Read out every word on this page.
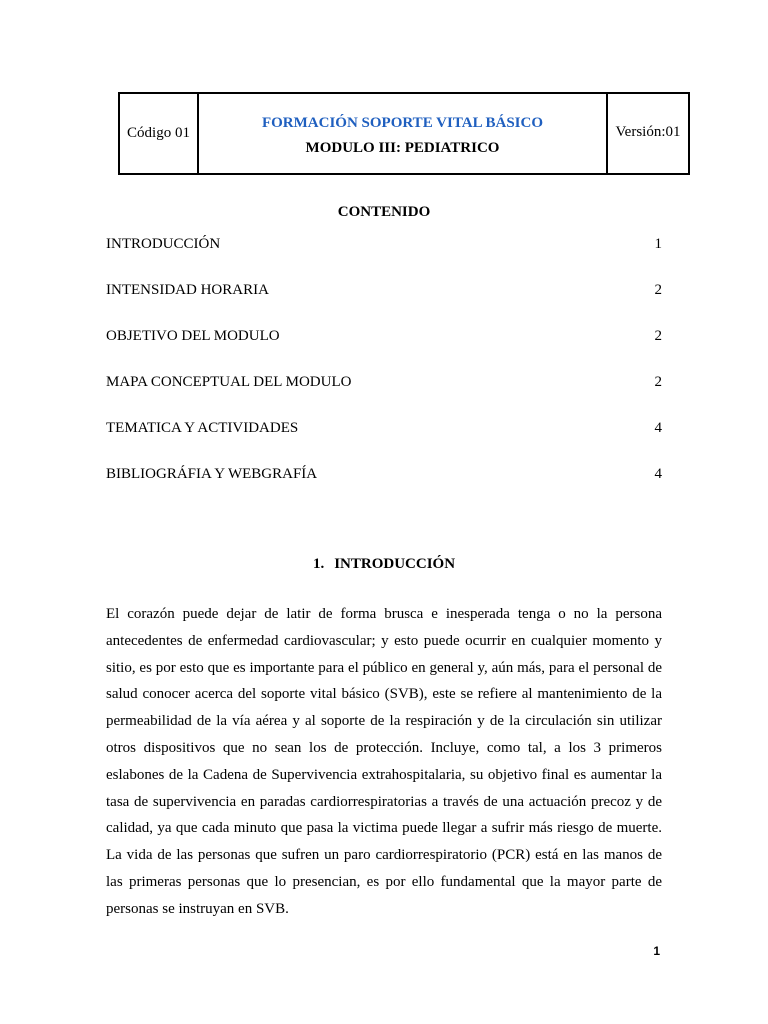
Código 01
FORMACIÓN SOPORTE VITAL BÁSICO
MODULO III: PEDIATRICO
Versión:01
CONTENIDO
INTRODUCCIÓN	1
INTENSIDAD HORARIA	2
OBJETIVO DEL MODULO	2
MAPA CONCEPTUAL DEL MODULO	2
TEMATICA Y ACTIVIDADES	4
BIBLIOGRÁFIA Y WEBGRAFÍA	4
1. INTRODUCCIÓN

El corazón puede dejar de latir de forma brusca e inesperada tenga o no la persona antecedentes de enfermedad cardiovascular; y esto puede ocurrir en cualquier momento y sitio, es por esto que es importante para el público en general y, aún más, para el personal de salud conocer acerca del soporte vital básico (SVB), este se refiere al mantenimiento de la permeabilidad de la vía aérea y al soporte de la respiración y de la circulación sin utilizar otros dispositivos que no sean los de protección. Incluye, como tal, a los 3 primeros eslabones de la Cadena de Supervivencia extrahospitalaria, su objetivo final es aumentar la tasa de supervivencia en paradas cardiorrespiratorias a través de una actuación precoz y de calidad, ya que cada minuto que pasa la victima puede llegar a sufrir más riesgo de muerte. La vida de las personas que sufren un paro cardiorrespiratorio (PCR) está en las manos de las primeras personas que lo presencian, es por ello fundamental que la mayor parte de personas se instruyan en SVB.

1
